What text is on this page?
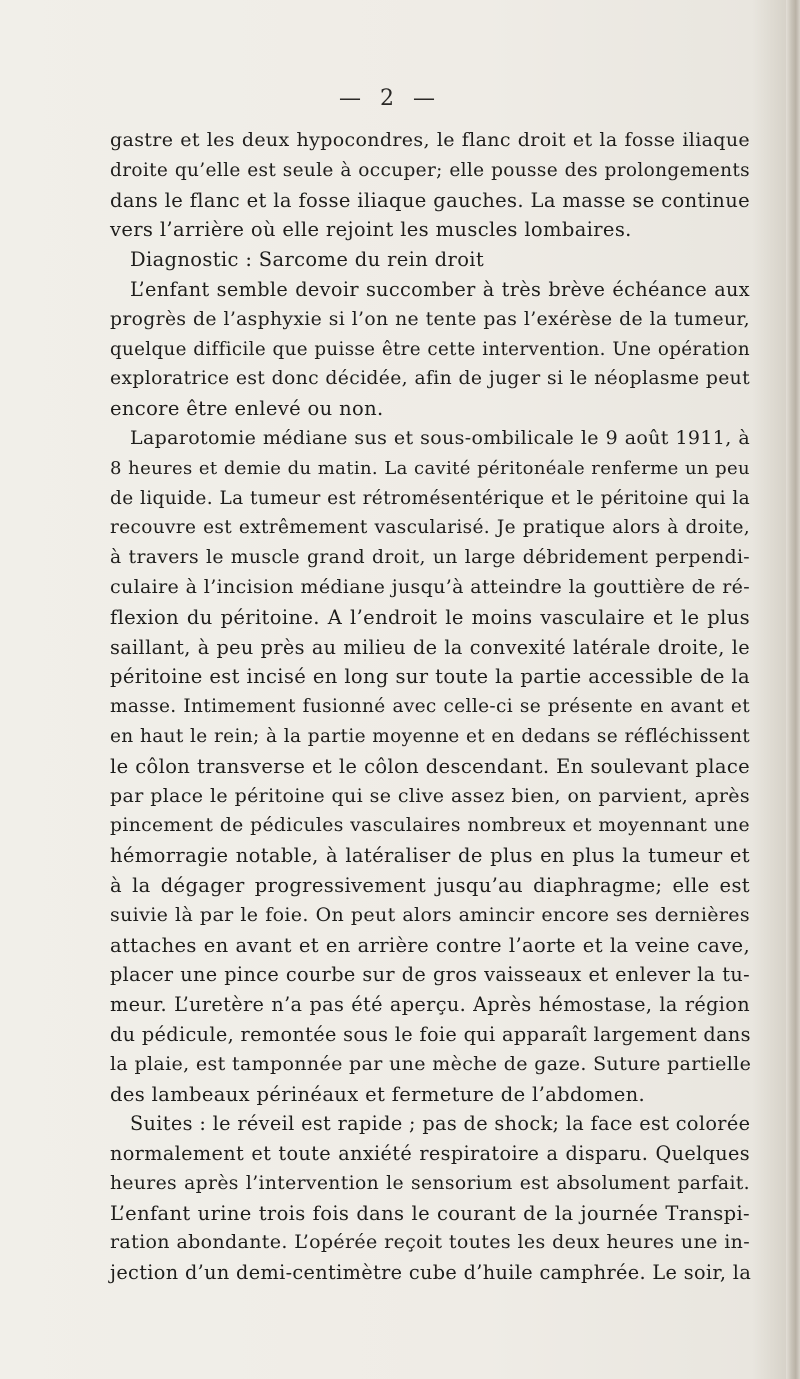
— 2 —
gastre et les deux hypocondres, le flanc droit et la fosse iliaque
droite qu’elle est seule à occuper; elle pousse des prolongements
dans le flanc et la fosse iliaque gauches. La masse se continue
vers l’arrière où elle rejoint les muscles lombaires.
Diagnostic : Sarcome du rein droit
L’enfant semble devoir succomber à très brève échéance aux
progrès de l’asphyxie si l’on ne tente pas l’exérèse de la tumeur,
quelque difficile que puisse être cette intervention. Une opération
exploratrice est donc décidée, afin de juger si le néoplasme peut
encore être enlevé ou non.
Laparotomie médiane sus et sous-ombilicale le 9 août 1911, à
8 heures et demie du matin. La cavité péritonéale renferme un peu
de liquide. La tumeur est rétromésentérique et le péritoine qui la
recouvre est extrêmement vascularisé. Je pratique alors à droite,
à travers le muscle grand droit, un large débridement perpendi-
culaire à l’incision médiane jusqu’à atteindre la gouttière de ré-
flexion du péritoine. A l’endroit le moins vasculaire et le plus
saillant, à peu près au milieu de la convexité latérale droite, le
péritoine est incisé en long sur toute la partie accessible de la
masse. Intimement fusionné avec celle-ci se présente en avant et
en haut le rein; à la partie moyenne et en dedans se réfléchissent
le côlon transverse et le côlon descendant. En soulevant place
par place le péritoine qui se clive assez bien, on parvient, après
pincement de pédicules vasculaires nombreux et moyennant une
hémorragie notable, à latéraliser de plus en plus la tumeur et
à la dégager progressivement jusqu’au diaphragme; elle est
suivie là par le foie. On peut alors amincir encore ses dernières
attaches en avant et en arrière contre l’aorte et la veine cave,
placer une pince courbe sur de gros vaisseaux et enlever la tu-
meur. L’uretère n’a pas été aperçu. Après hémostase, la région
du pédicule, remontée sous le foie qui apparaît largement dans
la plaie, est tamponnée par une mèche de gaze. Suture partielle
des lambeaux périnéaux et fermeture de l’abdomen.
Suites : le réveil est rapide ; pas de shock; la face est colorée
normalement et toute anxiété respiratoire a disparu. Quelques
heures après l’intervention le sensorium est absolument parfait.
L’enfant urine trois fois dans le courant de la journée Transpi-
ration abondante. L’opérée reçoit toutes les deux heures une in-
jection d’un demi-centimètre cube d’huile camphrée. Le soir, la
